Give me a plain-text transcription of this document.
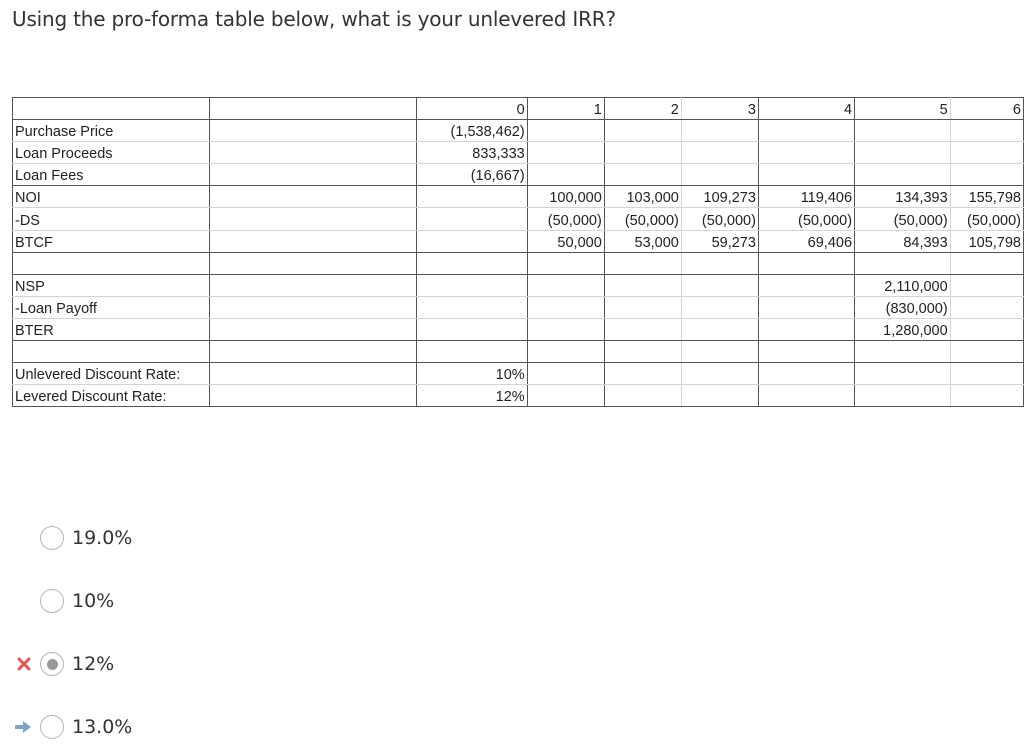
Using the pro-forma table below, what is your unlevered IRR?
		0	1	2	3	4	5	6
Purchase Price		(1,538,462)						
Loan Proceeds		833,333						
Loan Fees		(16,667)						
NOI			100,000	103,000	109,273	119,406	134,393	155,798
-DS			(50,000)	(50,000)	(50,000)	(50,000)	(50,000)	(50,000)
BTCF			50,000	53,000	59,273	69,406	84,393	105,798

NSP							2,110,000	
-Loan Payoff							(830,000)	
BTER							1,280,000	

Unlevered Discount Rate:		10%						
Levered Discount Rate:		12%						
19.0%
10%
12%
13.0%
